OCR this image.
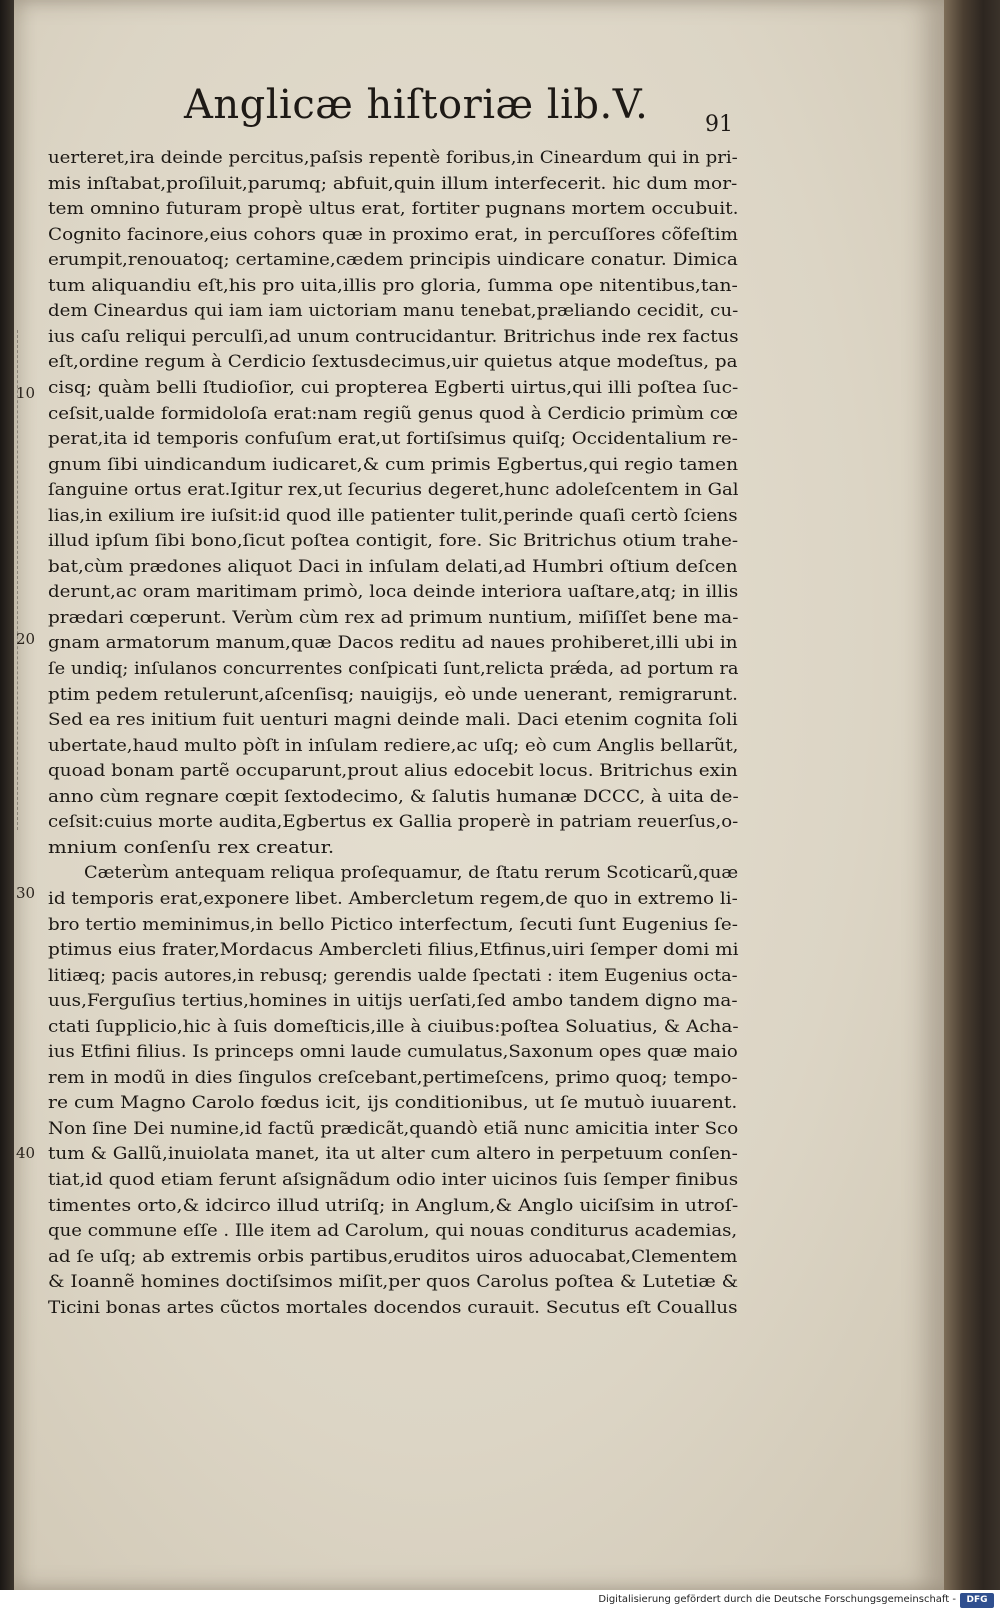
Anglicæ hiſtoriæ lib.V.	91
10
20
30
40
uerteret,ira deinde percitus,paſsis repentè foribus,in Cineardum qui in pri-
mis inſtabat,proſiluit,parumq; abfuit,quin illum interfecerit. hic dum mor-
tem omnino futuram propè ultus erat, fortiter pugnans mortem occubuit.
Cognito facinore,eius cohors quæ in proximo erat, in percuſſores cõfeſtim
erumpit,renouatoq; certamine,cædem principis uindicare conatur. Dimica
tum aliquandiu eſt,his pro uita,illis pro gloria, ſumma ope nitentibus,tan-
dem Cineardus qui iam iam uictoriam manu tenebat,præliando cecidit, cu-
ius caſu reliqui perculſi,ad unum contrucidantur. Britrichus inde rex factus
eſt,ordine regum à Cerdicio ſextusdecimus,uir quietus atque modeſtus, pa
cisq; quàm belli ſtudioſior, cui propterea Egberti uirtus,qui illi poſtea ſuc-
ceſsit,ualde formidoloſa erat:nam regiũ genus quod à Cerdicio primùm cœ
perat,ita id temporis confuſum erat,ut fortiſsimus quiſq; Occidentalium re-
gnum ſibi uindicandum iudicaret,& cum primis Egbertus,qui regio tamen
ſanguine ortus erat.Igitur rex,ut ſecurius degeret,hunc adoleſcentem in Gal
lias,in exilium ire iuſsit:id quod ille patienter tulit,perinde quaſi certò ſciens
illud ipſum ſibi bono,ſicut poſtea contigit, fore. Sic Britrichus otium trahe-
bat,cùm prædones aliquot Daci in inſulam delati,ad Humbri oſtium deſcen
derunt,ac oram maritimam primò, loca deinde interiora uaſtare,atq; in illis
prædari cœperunt. Verùm cùm rex ad primum nuntium, miſiſſet bene ma-
gnam armatorum manum,quæ Dacos reditu ad naues prohiberet,illi ubi in
ſe undiq; inſulanos concurrentes conſpicati ſunt,relicta prǽda, ad portum ra
ptim pedem retulerunt,aſcenſisq; nauigijs, eò unde uenerant, remigrarunt.
Sed ea res initium fuit uenturi magni deinde mali. Daci etenim cognita ſoli
ubertate,haud multo pòſt in inſulam rediere,ac uſq; eò cum Anglis bellarũt,
quoad bonam partẽ occuparunt,prout alius edocebit locus. Britrichus exin
anno cùm regnare cœpit ſextodecimo, & ſalutis humanæ DCCC, à uita de-
ceſsit:cuius morte audita,Egbertus ex Gallia properè in patriam reuerſus,o-
mnium conſenſu rex creatur.
Cæterùm antequam reliqua proſequamur, de ſtatu rerum Scoticarũ,quæ
id temporis erat,exponere libet. Ambercletum regem,de quo in extremo li-
bro tertio meminimus,in bello Pictico interfectum, ſecuti ſunt Eugenius ſe-
ptimus eius frater,Mordacus Ambercleti filius,Etfinus,uiri ſemper domi mi
litiæq; pacis autores,in rebusq; gerendis ualde ſpectati : item Eugenius octa-
uus,Ferguſius tertius,homines in uitijs uerſati,ſed ambo tandem digno ma-
ctati ſupplicio,hic à ſuis domeſticis,ille à ciuibus:poſtea Soluatius, & Acha-
ius Etfini filius. Is princeps omni laude cumulatus,Saxonum opes quæ maio
rem in modũ in dies ſingulos creſcebant,pertimeſcens, primo quoq; tempo-
re cum Magno Carolo fœdus icit, ijs conditionibus, ut ſe mutuò iuuarent.
Non ſine Dei numine,id factũ prædicãt,quandò etiã nunc amicitia inter Sco
tum & Gallũ,inuiolata manet, ita ut alter cum altero in perpetuum conſen-
tiat,id quod etiam ferunt aſsignãdum odio inter uicinos ſuis ſemper finibus
timentes orto,& idcirco illud utriſq; in Anglum,& Anglo uiciſsim in utroſ-
que commune eſſe . Ille item ad Carolum, qui nouas conditurus academias,
ad ſe uſq; ab extremis orbis partibus,eruditos uiros aduocabat,Clementem
& Ioannẽ homines doctiſsimos miſit,per quos Carolus poſtea & Lutetiæ &
Ticini bonas artes cũctos mortales docendos curauit. Secutus eſt Couallus
Digitalisierung gefördert durch die Deutsche Forschungsgemeinschaft -	DFG
